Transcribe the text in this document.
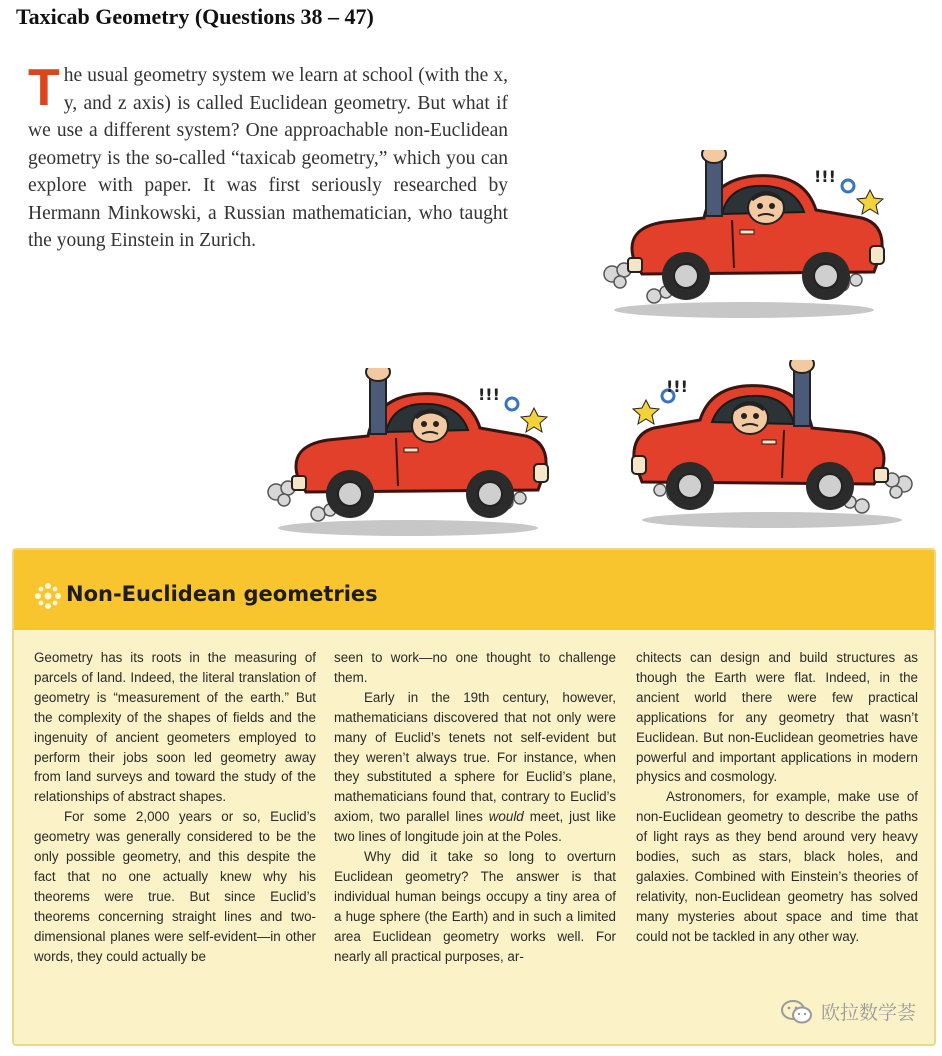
Taxicab Geometry (Questions 38 – 47)

The usual geometry system we learn at school (with the x, y, and z axis) is called Euclidean geometry. But what if we use a different system? One approachable non-Euclidean geometry is the so-called “taxicab geometry,” which you can explore with paper. It was first seriously researched by Hermann Minkowski, a Russian mathematician, who taught the young Einstein in Zurich.

!!!
!!!	!!!
Non-Euclidean geometries

Geometry has its roots in the measuring of parcels of land. Indeed, the literal translation of geometry is “measurement of the earth.” But the complexity of the shapes of fields and the ingenuity of ancient geometers employed to perform their jobs soon led geometry away from land surveys and toward the study of the relationships of abstract shapes.

For some 2,000 years or so, Euclid’s geometry was generally considered to be the only possible geometry, and this despite the fact that no one actually knew why his theorems were true. But since Euclid’s theorems concerning straight lines and two-dimensional planes were self-evident—in other words, they could actually be

seen to work—no one thought to challenge them.

Early in the 19th century, however, mathematicians discovered that not only were many of Euclid’s tenets not self-evident but they weren’t always true. For instance, when they substituted a sphere for Euclid’s plane, mathematicians found that, contrary to Euclid’s axiom, two parallel lines would meet, just like two lines of longitude join at the Poles.

Why did it take so long to overturn Euclidean geometry? The answer is that individual human beings occupy a tiny area of a huge sphere (the Earth) and in such a limited area Euclidean geometry works well. For nearly all practical purposes, ar-

chitects can design and build structures as though the Earth were flat. Indeed, in the ancient world there were few practical applications for any geometry that wasn’t Euclidean. But non-Euclidean geometries have powerful and important applications in modern physics and cosmology.

Astronomers, for example, make use of non-Euclidean geometry to describe the paths of light rays as they bend around very heavy bodies, such as stars, black holes, and galaxies. Combined with Einstein’s theories of relativity, non-Euclidean geometry has solved many mysteries about space and time that could not be tackled in any other way.

欧拉数学荟
